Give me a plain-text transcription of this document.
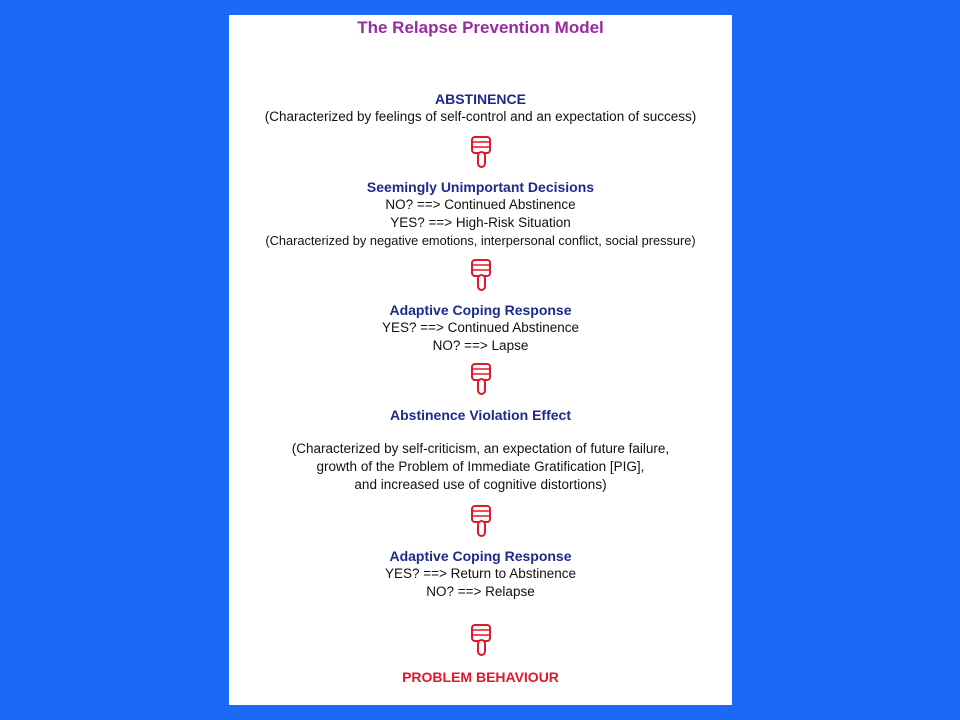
The Relapse Prevention Model
ABSTINENCE
(Characterized by feelings of self-control and an expectation of success)
Seemingly Unimportant Decisions
NO? ==> Continued Abstinence
YES? ==> High-Risk Situation
(Characterized by negative emotions, interpersonal conflict, social pressure)
Adaptive Coping Response
YES? ==> Continued Abstinence
NO? ==> Lapse
Abstinence Violation Effect
(Characterized by self-criticism, an expectation of future failure,
growth of the Problem of Immediate Gratification [PIG],
and increased use of cognitive distortions)
Adaptive Coping Response
YES? ==> Return to Abstinence
NO? ==> Relapse
PROBLEM BEHAVIOUR
